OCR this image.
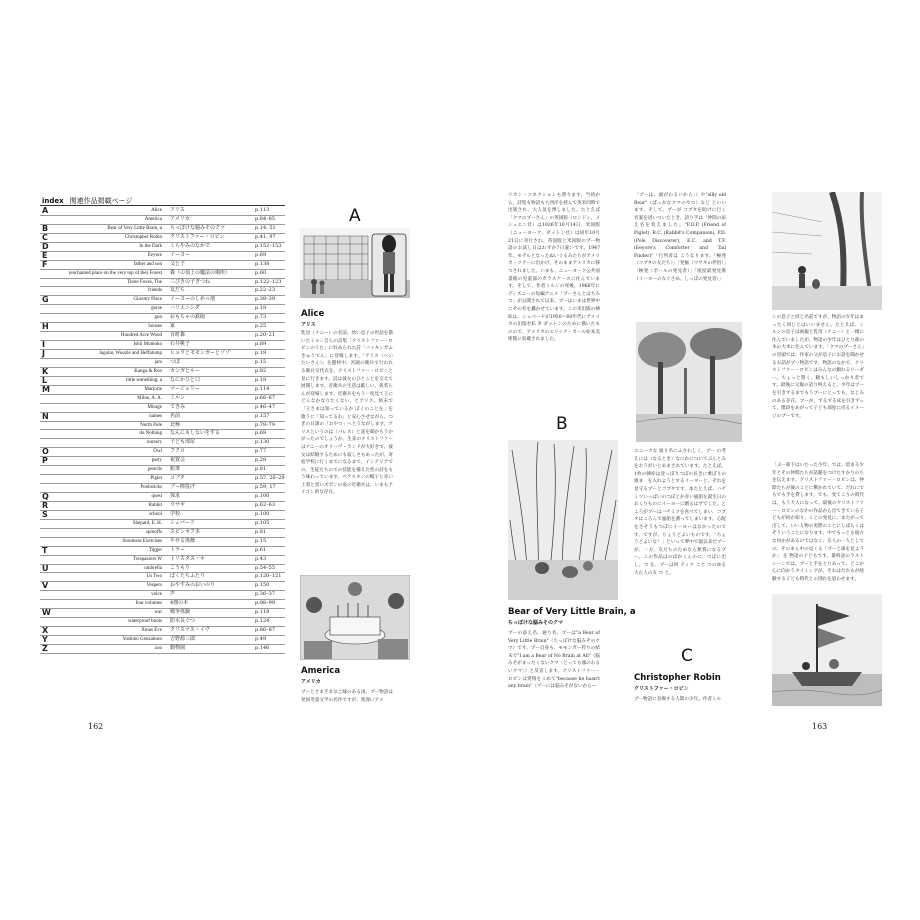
index 関連作品掲載ページ
A	Alice アリス	p.113
America アメリカ	p.84–85
B	Bear of Very Little Brain, a ちっぽけな脳みそのクマ	p.14, 51
C	Christopher Robin クリストファー・ロビン	p.41, 97
D	In the Dark くらやみのなかで	p.152–153
E	Eeyore イーヨー	p.69
F	father and son 父と子	p.138
(enchanted place on the very top of the) Forest 森（の頂上の魔法の場所）	p.60
Three Foxes, The 三びきの子ぎつね	p.122–123
friends 友だち	p.22–23
G	Gloomy Place イーヨーのしめっ地	p.38–39
gorse ハリエニシダ	p.18
gun おもちゃの鉄砲	p.73
H	houses 家	p.25
Hundred Acre Wood 百町森	p.20–21
I	Ishii Momoko 石井桃子	p.89
J	Jagular, Woozle and Heffalump ヒョウとモモンガーとゾゾ	p.19
jars つぼ	p.15
K	Kanga & Roo カンガとルー	p.82
L	little something, a なにかひと口	p.18
M	Marjorie マージョリー	p.114
Milne, A. A. ミルン	p.66–67
Mirage てきみ	p.46–47
N	names 名前	p.157
North Pole 北極	p.78–79
do Nothing なんにもしないをする	p.69
nursery 子ども部屋	p.130
O	Owl フクロ	p.77
P	party 祝賀会	p.28
pencils 鉛筆	p.81
Piglet コブタ	p.57, 26–29
Poohsticks プー棒投げ	p.59, 17
Q	quest 探求	p.100
R	Rabbit ウサギ	p.62–63
S	school 学校	p.100
Shepard, E. H. シェパード	p.105
spinoffs スピンオフ本	p.81
Stoutness Exercises やせる体操	p.15
T	Tigger トラー	p.61
Trespassers W トリスタス・キ	p.43
U	umbrella こうもり	p.54–55
Us Two ぼくたちふたり	p.120–121
V	Vespers おやすみのおいのり	p.150
voice 声	p.36–37
four volumes 4冊の本	p.98–99
W	war 戦争体験	p.118
waterproof boots 防水長ぐつ	p.124
X	Xmas Eve クリスマス・イヴ	p.86–87
Y	Yoshino Genzaburo 吉野源三郎	p.49
Z	zoo 動物園	p.146
162
A
Alice
アリス
乳母（ナニー）の名前。幼い息子の世話を描いたミルン自らの詩集「クリストファー・ロビンのうた」に収められた詩「バッキンガムきゅうでん」に登場します。「アリス（へいたいさん）」を題材中、宮殿の衛兵で行われる衛兵交代式を、クリストファー・ロビンと見に行きます。詩は彼女のひとことを交えて展開します。近衛兵の生活は厳しい。仮装らんが登場します。近衛兵をもう一度見て王にどんなかなりたくない、とアリス。結末で「王さまは知っているか ぼくのことを」を歌うに「知ってるわ」と安心させながら、つぎの日課の「おやつ」へとうながします。アリスというのは（パレス）と話を聞かもうかがったのでしょうか。生来のクリストファーはナニーのオリーヴ・ランドが大好きで、彼女は結婚するためにも寂しさもあったが、寄宿学校に行くまでになるまで、インテリアでの、生徒たちのでの技能を備えた性の詩をもう味わっています。ベアスキンの帽子と赤い上着と黒いズボンの姿の近衛兵は、いまもアイコン的な存在。
America
アメリカ
プーとさまざまなご縁のある国。プー物語は発国児童文学の名作ですが、奥深いアメ
リカン・コネクションも潜ります。当初から、詩集も物語も大西洋を挟んで英米同時で出版され、大人気を博しました。たとえば「クマのプーさん」の英国版（ロンドン、メシュエン社）は1926年10月14日、米国版（ニューヨーク、ダットン社）は同年10月21日に刊行され、英国版と米国版のプー物語のお試し日はわずか7日違いです。1947年、モデルとなったぬいぐるみたちがアメリカ・ツアーに出かけ、そのままアメリカに移つされました。いまも、ニューヨーク公共図書館の児童部のガラスケースに住んでいます。そして、作者ミルンの死後、1966年にディズニーの短編アニメ「プーさんとはちみつ」が公開されて以来、プーはいまは世界中にその名を轟かせています。この米出版の挿絵は、シェパードが1950〜60年代にアメリカの出版社E. P. ダットンのために描いたものので、アメリカのエリック・カール絵本美術館に収蔵されました。
B
Bear of Very Little Brain, a
ちっぽけな脳みそのクマ
プーの添え名、通り名。プーは"a Bear of Very Little Brain"（ちっぽけな脳みそのクマ）です。プー自身も、モモンガー狩りの結末で"I am a Bear of No Brain at All"（脳みそがまったくないクマ〈とっても頭のわるいクマ〉）と反省します。クリストファー・ロビンは愛情をこめて"because he hasn't any brain"（プーには脳みそがないから—
「プーは、頭がわるいから」）や"silly old Bear"（ばっかなクマのやつ）など といいます。そして、プーが コブタを助けに行く名案を思いついたとき、語り手は「仲間の添え名を変えました。"F.O.P. (Friend of Piglet), R.C. (Rabbit's Companion), P.D. (Pole Discoverer), E.C. and T.F. (Eeyore's Comforter and Tail Finder)"「行列者は こうなります。「極発（コブタの友だち）」「発掘（ウサギの伴侶）」「極発（ポールの発見者）」「尾屋最発見係（イーヨーのなぐさめ、しっぽの発見者）」
ユニークな 通り名にふさわしく、プー の考えには（なるとき）なにかについてぶんとみをおうがいとあまされています。たとえば、1枚の挿絵は登っぽりつぽの長きに乗ぽりの旗ま　を入れようとするイーヨーと、それを見守るプーとコブタです。本たとえば、ハチミツいっぱいのつぼとか赤い風船を誕生日のおくりものにイーヨーに贈るはずでした。ところがプーはハチミツを食べてしまい、コブタはころんで風船を割ってしまいます。心配をさそうもつぼにイーヨーはなかったのです。ですが、ちょうどよいものです。「ちょうどよいな！」といって夢中で誕以来だプーが、一方、友だちのためなら無我になるプー。この作品はのばかくんのに、つぼに出し、つ を、プーは何 ティク こと つのゆる 大正人の友 つ と。
C
Christopher Robin
クリストファー・ロビン
プー物語に登場する人間の少年。作者ミル
ンの息子と同じ名前ですが、物語の少年はまったく同じとはいいません。たとえば、くルンの息子は両親と乳母（ナニー）と一緒に住んでいましたが、物語の少年はひとり森の木の大木に住んでいます。「クマのプーさん」の冒頭では、作家の父が息子にお話を聞かせるお話がプー物語です。物語のなかで、クリストファー・ロビンはみんなの頼れるリーダー。ちょっと賢く、頼もしいしっかり者です。最後に父親の語り終えると、少年はプーを引きずるまでもうプーにとっても、なじみのある存在。プーが、ずるずる床を引きずって、階段をあがって子ども部屋に戻るイメージのプーです。
「ぶー部下はいたった少年」では、留まる少年とその仲間たちが話題をつけたすかりのちを伝えます。クリストファー・ロビンは、仲間たちが彼のことに驚かれていて、だれにでもでも手を貸します。でも、変てこりの時代は、もう大人になって。最後のクリストファー・ロビンのなかの作品から出てきている子どもが何か知り、ことの発見に、またがって出して、いい人物の実際のことにしばらくはそういうことになります。中でもっとも彼方な何かがあるのではなく、友人の一人としての。そのまん中の見くる「プーと森を見ようか」 を 物語の子どもです。最終話のラストシーンでは、プーと手をとりあって、どこか心に向かうタイミングが。それはだれもが経験する子ども時代との別れを思わせます。
163
